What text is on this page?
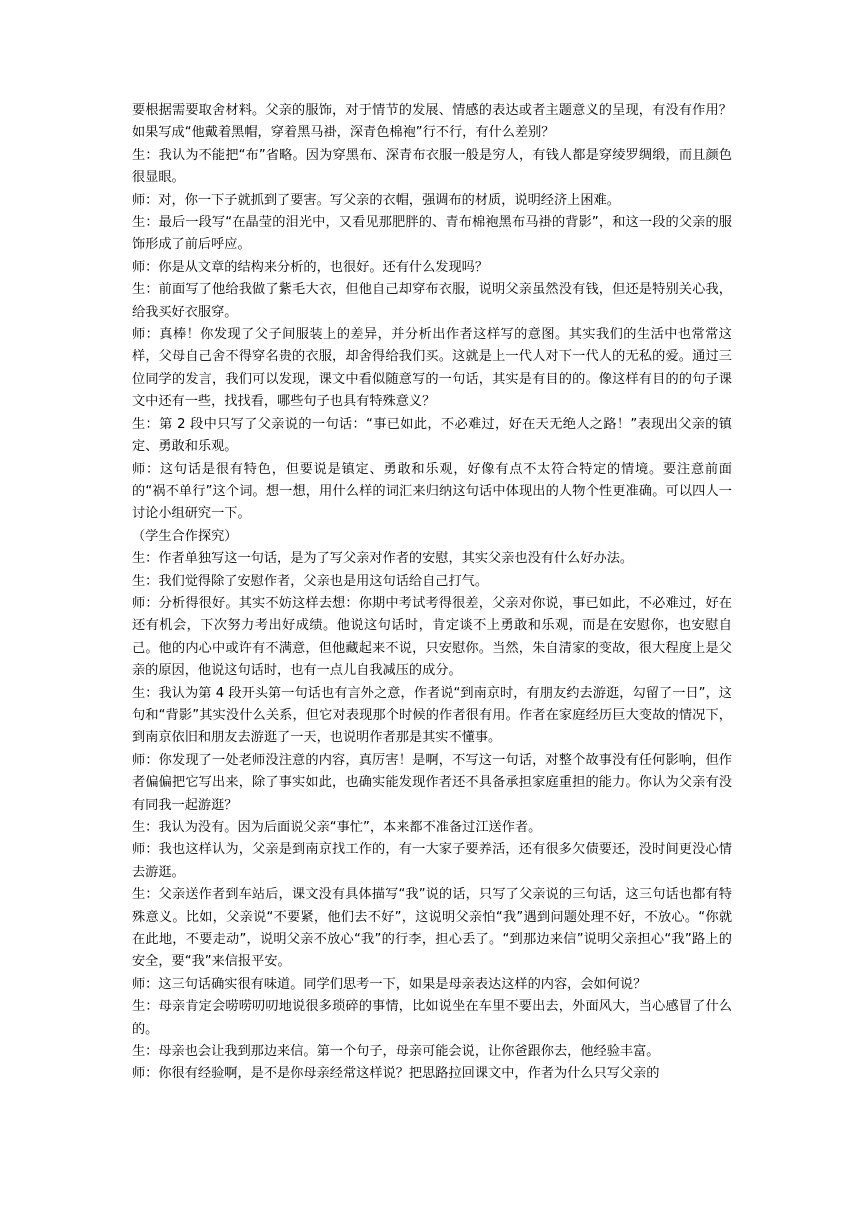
要根据需要取舍材料。父亲的服饰，对于情节的发展、情感的表达或者主题意义的呈现，有没有作用？如果写成“他戴着黑帽，穿着黑马褂，深青色棉袍”行不行，有什么差别？

生：我认为不能把“布”省略。因为穿黑布、深青布衣服一般是穷人，有钱人都是穿绫罗绸缎，而且颜色很显眼。

师：对，你一下子就抓到了要害。写父亲的衣帽，强调布的材质，说明经济上困难。

生：最后一段写“在晶莹的泪光中，又看见那肥胖的、青布棉袍黑布马褂的背影”，和这一段的父亲的服饰形成了前后呼应。

师：你是从文章的结构来分析的，也很好。还有什么发现吗？

生：前面写了他给我做了紫毛大衣，但他自己却穿布衣服，说明父亲虽然没有钱，但还是特别关心我，给我买好衣服穿。

师：真棒！你发现了父子间服装上的差异，并分析出作者这样写的意图。其实我们的生活中也常常这样，父母自己舍不得穿名贵的衣服，却舍得给我们买。这就是上一代人对下一代人的无私的爱。通过三位同学的发言，我们可以发现，课文中看似随意写的一句话，其实是有目的的。像这样有目的的句子课文中还有一些，找找看，哪些句子也具有特殊意义？

生：第 2 段中只写了父亲说的一句话：“事已如此，不必难过，好在天无绝人之路！”表现出父亲的镇定、勇敢和乐观。

师：这句话是很有特色，但要说是镇定、勇敢和乐观，好像有点不太符合特定的情境。要注意前面的“祸不单行”这个词。想一想，用什么样的词汇来归纳这句话中体现出的人物个性更准确。可以四人一讨论小组研究一下。

（学生合作探究）

生：作者单独写这一句话，是为了写父亲对作者的安慰，其实父亲也没有什么好办法。

生：我们觉得除了安慰作者，父亲也是用这句话给自己打气。

师：分析得很好。其实不妨这样去想：你期中考试考得很差，父亲对你说，事已如此，不必难过，好在还有机会，下次努力考出好成绩。他说这句话时，肯定谈不上勇敢和乐观，而是在安慰你，也安慰自己。他的内心中或许有不满意，但他藏起来不说，只安慰你。当然，朱自清家的变故，很大程度上是父亲的原因，他说这句话时，也有一点儿自我减压的成分。

生：我认为第 4 段开头第一句话也有言外之意，作者说“到南京时，有朋友约去游逛，勾留了一日”，这句和“背影”其实没什么关系，但它对表现那个时候的作者很有用。作者在家庭经历巨大变故的情况下，到南京依旧和朋友去游逛了一天，也说明作者那是其实不懂事。

师：你发现了一处老师没注意的内容，真厉害！是啊，不写这一句话，对整个故事没有任何影响，但作者偏偏把它写出来，除了事实如此，也确实能发现作者还不具备承担家庭重担的能力。你认为父亲有没有同我一起游逛？

生：我认为没有。因为后面说父亲“事忙”，本来都不准备过江送作者。

师：我也这样认为，父亲是到南京找工作的，有一大家子要养活，还有很多欠债要还，没时间更没心情去游逛。

生：父亲送作者到车站后，课文没有具体描写“我”说的话，只写了父亲说的三句话，这三句话也都有特殊意义。比如，父亲说“不要紧，他们去不好”，这说明父亲怕“我”遇到问题处理不好，不放心。“你就在此地，不要走动”，说明父亲不放心“我”的行李，担心丢了。“到那边来信”说明父亲担心“我”路上的安全，要“我”来信报平安。

师：这三句话确实很有味道。同学们思考一下，如果是母亲表达这样的内容，会如何说？

生：母亲肯定会唠唠叨叨地说很多琐碎的事情，比如说坐在车里不要出去，外面风大，当心感冒了什么的。

生：母亲也会让我到那边来信。第一个句子，母亲可能会说，让你爸跟你去，他经验丰富。

师：你很有经验啊，是不是你母亲经常这样说？把思路拉回课文中，作者为什么只写父亲的
